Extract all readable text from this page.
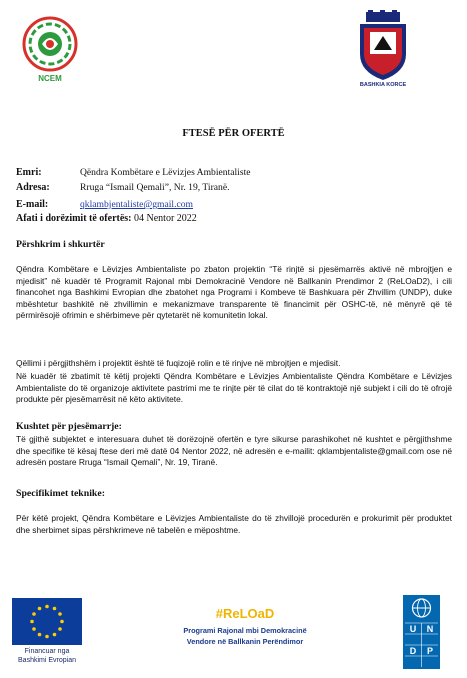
NCEM
BASHKIA KORCE
FTESË PËR OFERTË
Emri:	Qëndra Kombëtare e Lëvizjes Ambientaliste
Adresa:	Rruga “Ismail Qemali”, Nr. 19, Tiranë.
E-mail:	qklambjentaliste@gmail.com
Afati i dorëzimit të ofertës: 04 Nentor 2022
Përshkrim i shkurtër
Qëndra Kombëtare e Lëvizjes Ambientaliste po zbaton projektin “Të rinjtë si pjesëmarrës aktivë në mbrojtjen e mjedisit” në kuadër të Programit Rajonal mbi Demokracinë Vendore në Ballkanin Prendimor 2 (ReLOaD2), i cili financohet nga Bashkimi Evropian dhe zbatohet nga Programi i Kombeve të Bashkuara për Zhvillim (UNDP), duke mbështetur bashkitë në zhvillimin e mekanizmave transparente të financimit për OSHC-të, në mënyrë që të përmirësojë ofrimin e shërbimeve për qytetarët në komunitetin lokal.
Qëllimi i përgjithshëm i projektit është të fuqizojë rolin e të rinjve në mbrojtjen e mjedisit.
Në kuadër të zbatimit të këtij projekti Qëndra Kombëtare e Lëvizjes Ambientaliste Qëndra Kombëtare e Lëvizjes Ambientaliste do të organizoje aktivitete pastrimi me te rinjte për të cilat do të kontraktojë një subjekt i cili do të ofrojë produkte për pjesëmarrësit në këto aktivitete.
Kushtet për pjesëmarrje:
Të gjithë subjektet e interesuara duhet të dorëzojnë ofertën e tyre sikurse parashikohet në kushtet e përgjithshme dhe specifike të kësaj ftese deri më datë 04 Nentor 2022, në adresën e e-mailit: qklambjentaliste@gmail.com ose në adresën postare Rruga “Ismail Qemali”, Nr. 19, Tiranë.
Specifikimet teknike:
Për këtë projekt, Qëndra Kombëtare e Lëvizjes Ambientaliste do të zhvillojë procedurën e prokurimit për produktet dhe sherbimet sipas përshkrimeve në tabelën e mëposhtme.
Financuar nga
Bashkimi Evropian
#ReLOaD
Programi Rajonal mbi Demokracinë
Vendore në Ballkanin Perëndimor
U	N
D	P
